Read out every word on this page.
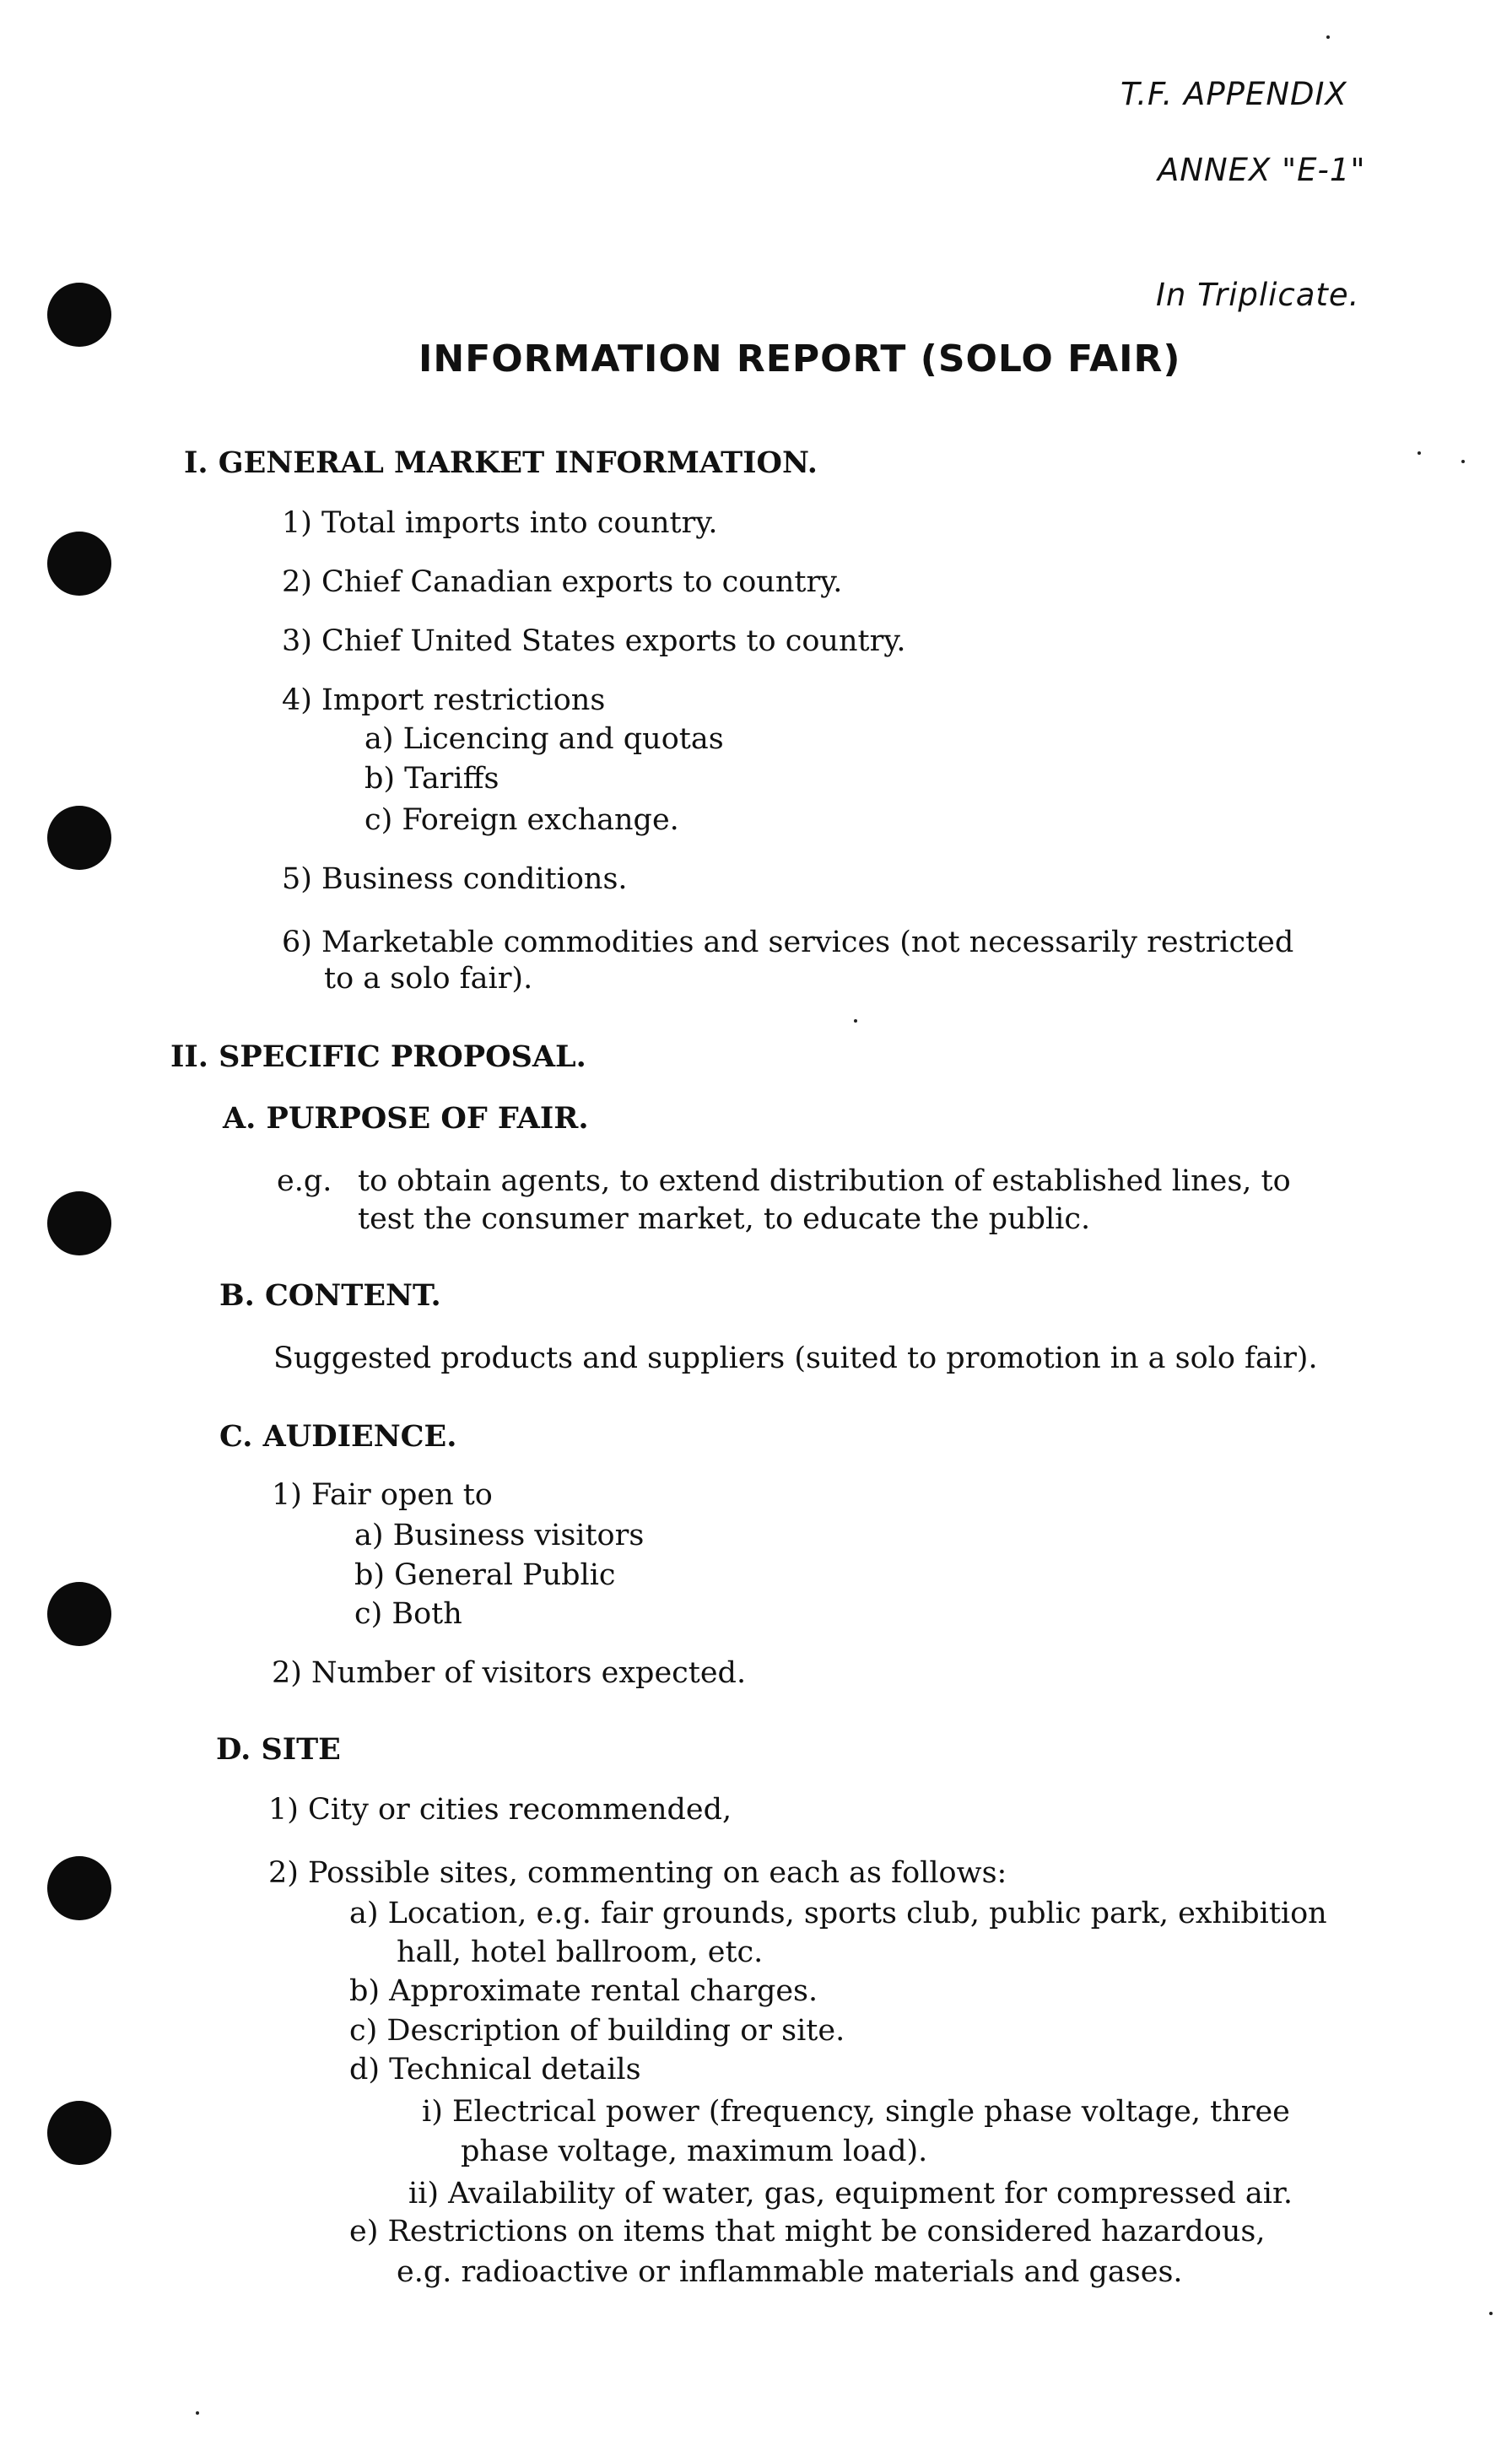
T.F. APPENDIX
ANNEX "E-1"
In Triplicate.
INFORMATION REPORT (SOLO FAIR)
I. GENERAL MARKET INFORMATION.
1) Total imports into country.
2) Chief Canadian exports to country.
3) Chief United States exports to country.
4) Import restrictions
a) Licencing and quotas
b) Tariffs
c) Foreign exchange.
5) Business conditions.
6) Marketable commodities and services (not necessarily restricted
to a solo fair).
II. SPECIFIC PROPOSAL.
A. PURPOSE OF FAIR.
e.g. to obtain agents, to extend distribution of established lines, to
test the consumer market, to educate the public.
B. CONTENT.
Suggested products and suppliers (suited to promotion in a solo fair).
C. AUDIENCE.
1) Fair open to
a) Business visitors
b) General Public
c) Both
2) Number of visitors expected.
D. SITE
1) City or cities recommended,
2) Possible sites, commenting on each as follows:
a) Location, e.g. fair grounds, sports club, public park, exhibition
hall, hotel ballroom, etc.
b) Approximate rental charges.
c) Description of building or site.
d) Technical details
i) Electrical power (frequency, single phase voltage, three
phase voltage, maximum load).
ii) Availability of water, gas, equipment for compressed air.
e) Restrictions on items that might be considered hazardous,
e.g. radioactive or inflammable materials and gases.
